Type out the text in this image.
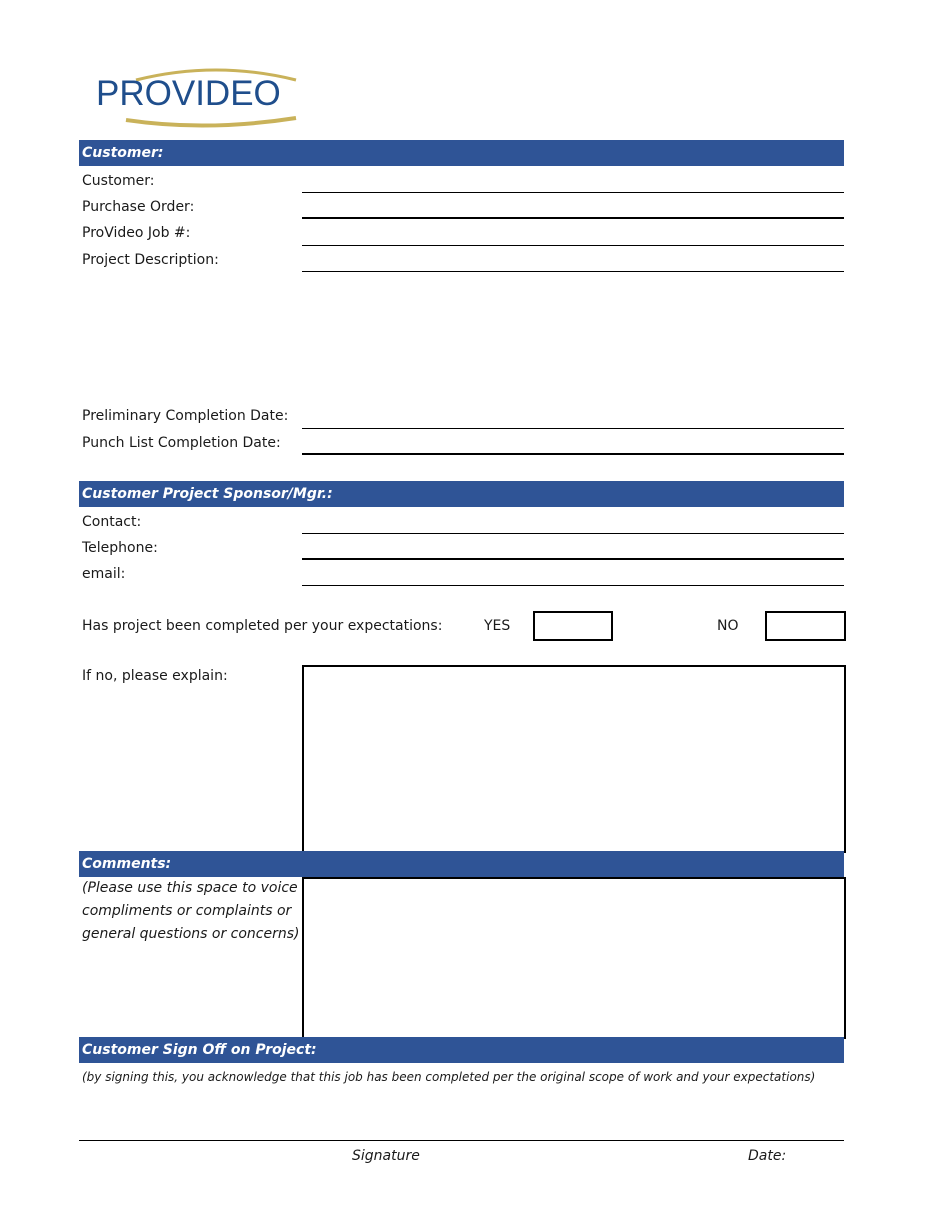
PROVIDEO
Customer:
Customer:
Purchase Order:
ProVideo Job #:
Project Description:
Preliminary Completion Date:
Punch List Completion Date:
Customer Project Sponsor/Mgr.:
Contact:
Telephone:
email:
Has project been completed per your expectations:	YES	NO
If no, please explain:
Comments:
(Please use this space to voice
compliments or complaints or
general questions or concerns)
Customer Sign Off on Project:
(by signing this, you acknowledge that this job has been completed per the original scope of work and your expectations)
Signature	Date:
